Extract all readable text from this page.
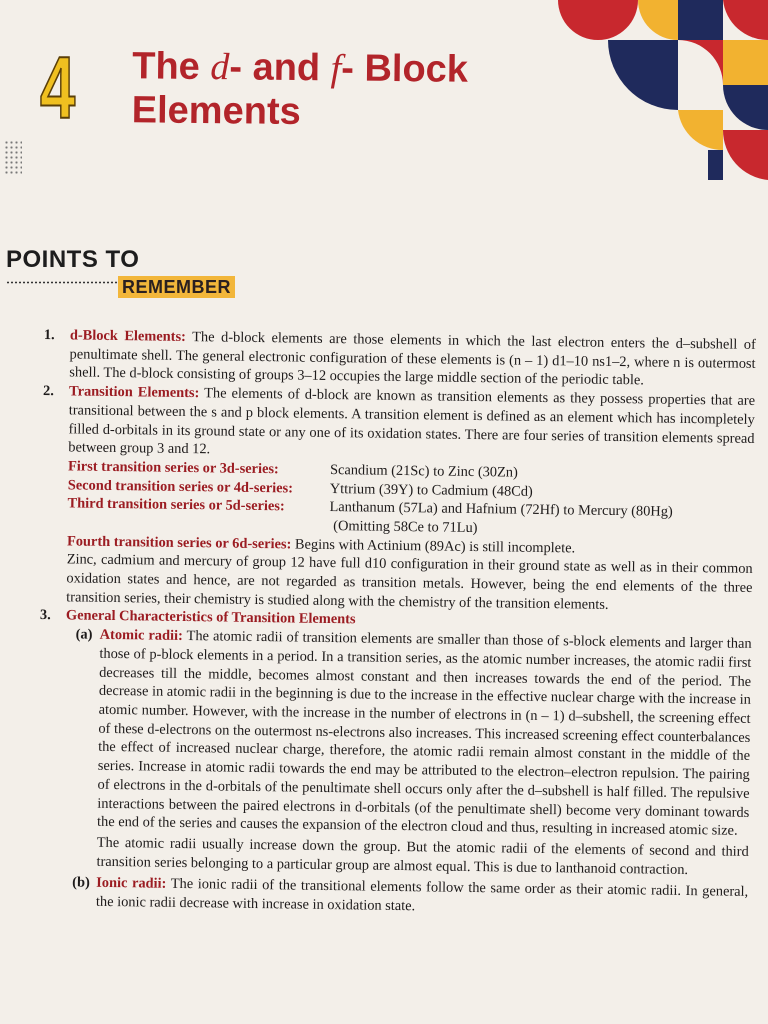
4 The d- and f- Block
Elements
POINTS TO
REMEMBER
1. d-Block Elements: The d-block elements are those elements in which the last electron enters the d–subshell of penultimate shell. The general electronic configuration of these elements is (n – 1) d1–10 ns1–2, where n is outermost shell. The d-block consisting of groups 3–12 occupies the large middle section of the periodic table.

2. Transition Elements: The elements of d-block are known as transition elements as they possess properties that are transitional between the s and p block elements. A transition element is defined as an element which has incompletely filled d-orbitals in its ground state or any one of its oxidation states. There are four series of transition elements spread between group 3 and 12.

First transition series or 3d-series:	Scandium (21Sc) to Zinc (30Zn)
Second transition series or 4d-series:	Yttrium (39Y) to Cadmium (48Cd)
Third transition series or 5d-series:	Lanthanum (57La) and Hafnium (72Hf) to Mercury (80Hg)
(Omitting 58Ce to 71Lu)

Fourth transition series or 6d-series: Begins with Actinium (89Ac) is still incomplete.

Zinc, cadmium and mercury of group 12 have full d10 configuration in their ground state as well as in their common oxidation states and hence, are not regarded as transition metals. However, being the end elements of the three transition series, their chemistry is studied along with the chemistry of the transition elements.

3. General Characteristics of Transition Elements

(a) Atomic radii: The atomic radii of transition elements are smaller than those of s-block elements and larger than those of p-block elements in a period. In a transition series, as the atomic number increases, the atomic radii first decreases till the middle, becomes almost constant and then increases towards the end of the period. The decrease in atomic radii in the beginning is due to the increase in the effective nuclear charge with the increase in atomic number. However, with the increase in the number of electrons in (n – 1) d–subshell, the screening effect of these d-electrons on the outermost ns-electrons also increases. This increased screening effect counterbalances the effect of increased nuclear charge, therefore, the atomic radii remain almost constant in the middle of the series. Increase in atomic radii towards the end may be attributed to the electron–electron repulsion. The pairing of electrons in the d-orbitals of the penultimate shell occurs only after the d–subshell is half filled. The repulsive interactions between the paired electrons in d-orbitals (of the penultimate shell) become very dominant towards the end of the series and causes the expansion of the electron cloud and thus, resulting in increased atomic size.

The atomic radii usually increase down the group. But the atomic radii of the elements of second and third transition series belonging to a particular group are almost equal. This is due to lanthanoid contraction.

(b) Ionic radii: The ionic radii of the transitional elements follow the same order as their atomic radii. In general, the ionic radii decrease with increase in oxidation state.
